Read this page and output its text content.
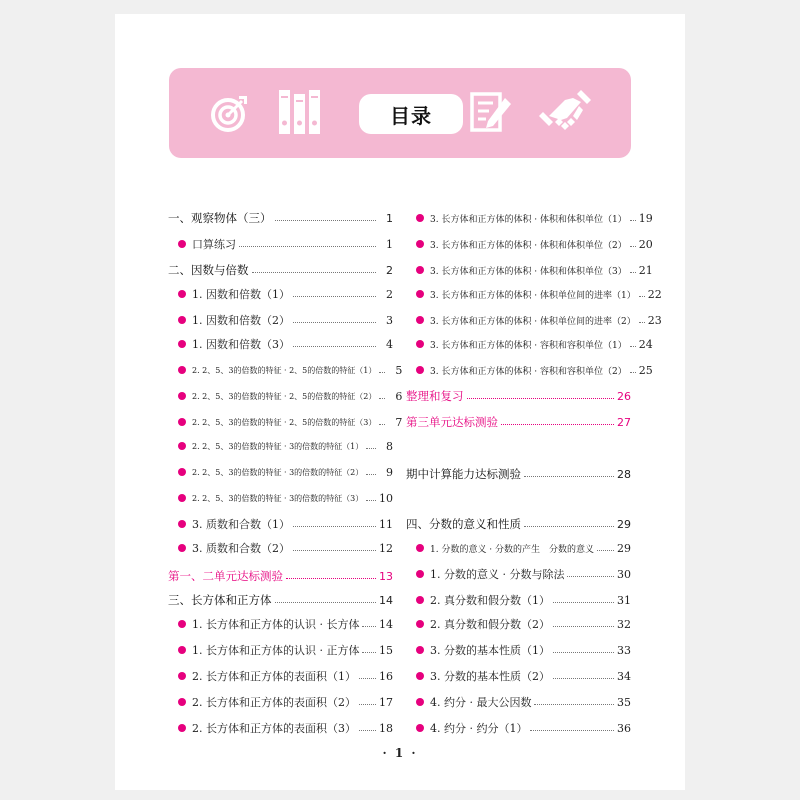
目录
一、观察物体（三）	1
口算练习	1
二、因数与倍数	2
1. 因数和倍数（1）	2
1. 因数和倍数（2）	3
1. 因数和倍数（3）	4
2. 2、5、3的倍数的特征 · 2、5的倍数的特征（1）	5
2. 2、5、3的倍数的特征 · 2、5的倍数的特征（2）	6
2. 2、5、3的倍数的特征 · 2、5的倍数的特征（3）	7
2. 2、5、3的倍数的特征 · 3的倍数的特征（1）	8
2. 2、5、3的倍数的特征 · 3的倍数的特征（2）	9
2. 2、5、3的倍数的特征 · 3的倍数的特征（3） 10
3. 质数和合数（1）	11
3. 质数和合数（2）	12
第一、二单元达标测验	13
三、长方体和正方体	14
1. 长方体和正方体的认识 · 长方体 14
1. 长方体和正方体的认识 · 正方体 15
2. 长方体和正方体的表面积（1） 16
2. 长方体和正方体的表面积（2） 17
2. 长方体和正方体的表面积（3） 18
3. 长方体和正方体的体积 · 体积和体积单位（1） 19
3. 长方体和正方体的体积 · 体积和体积单位（2） 20
3. 长方体和正方体的体积 · 体积和体积单位（3） 21
3. 长方体和正方体的体积 · 体积单位间的进率（1） 22
3. 长方体和正方体的体积 · 体积单位间的进率（2） 23
3. 长方体和正方体的体积 · 容积和容积单位（1） 24
3. 长方体和正方体的体积 · 容积和容积单位（2） 25
整理和复习	26
第三单元达标测验	27
期中计算能力达标测验	28
四、分数的意义和性质	29
1. 分数的意义 · 分数的产生　分数的意义 29
1. 分数的意义 · 分数与除法	30
2. 真分数和假分数（1）	31
2. 真分数和假分数（2）	32
3. 分数的基本性质（1）	33
3. 分数的基本性质（2）	34
4. 约分 · 最大公因数	35
4. 约分 · 约分（1）	36
· 1 ·
